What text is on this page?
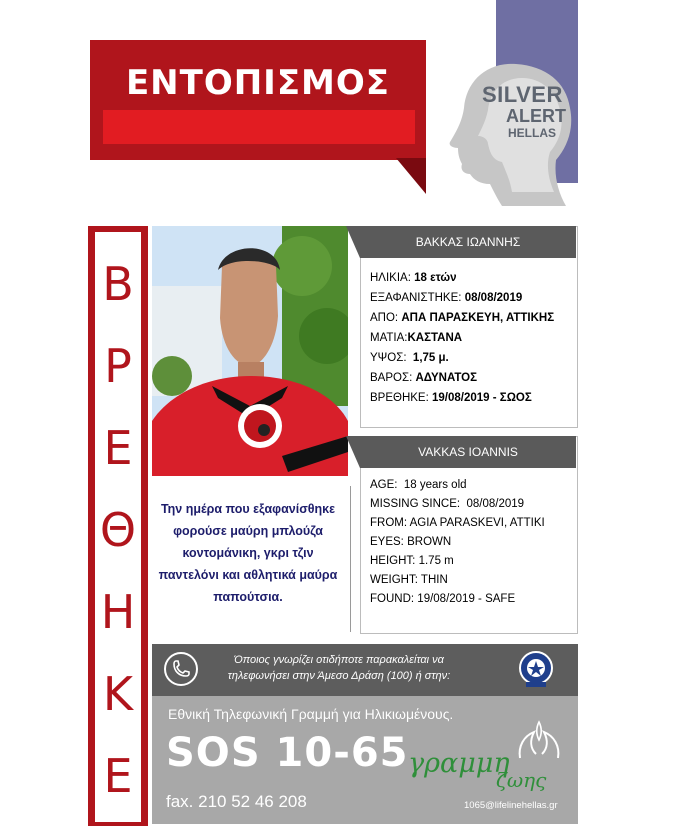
ΕΝΤΟΠΙΣΜΟΣ	SILVER
ALERT
HELLAS
Β
Ρ
Ε
Θ
Η
Κ
Ε
Την ημέρα που εξαφανίσθηκε
φορούσε μαύρη μπλούζα
κοντομάνικη, γκρι τζιν
παντελόνι και αθλητικά μαύρα
παπούτσια.
ΒΑΚΚΑΣ ΙΩΑΝΝΗΣ
ΗΛΙΚΙΑ: 18 ετών
ΕΞΑΦΑΝΙΣΤΗΚΕ: 08/08/2019
ΑΠΟ: ΑΠΑ ΠΑΡΑΣΚΕΥΗ, ΑΤΤΙΚΗΣ
ΜΑΤΙΑ:ΚΑΣΤΑΝΑ
ΥΨΟΣ: 1,75 μ.
ΒΑΡΟΣ: ΑΔΥΝΑΤΟΣ
ΒΡΕΘΗΚΕ: 19/08/2019 - ΣΩΟΣ
VAKKAS IOANNIS
AGE: 18 years old
MISSING SINCE: 08/08/2019
FROM: AGIA PARASKEVI, ATTIKI
EYES: BROWN
HEIGHT: 1.75 m
WEIGHT: THIN
FOUND: 19/08/2019 - SAFE
Όποιος γνωρίζει οτιδήποτε παρακαλείται να
τηλεφωνήσει στην Άμεσο Δράση (100) ή στην:
Εθνική Τηλεφωνική Γραμμή για Ηλικιωμένους.
SOS 10-65
fax. 210 52 46 208
γραμμη
ζωης
1065@lifelinehellas.gr
